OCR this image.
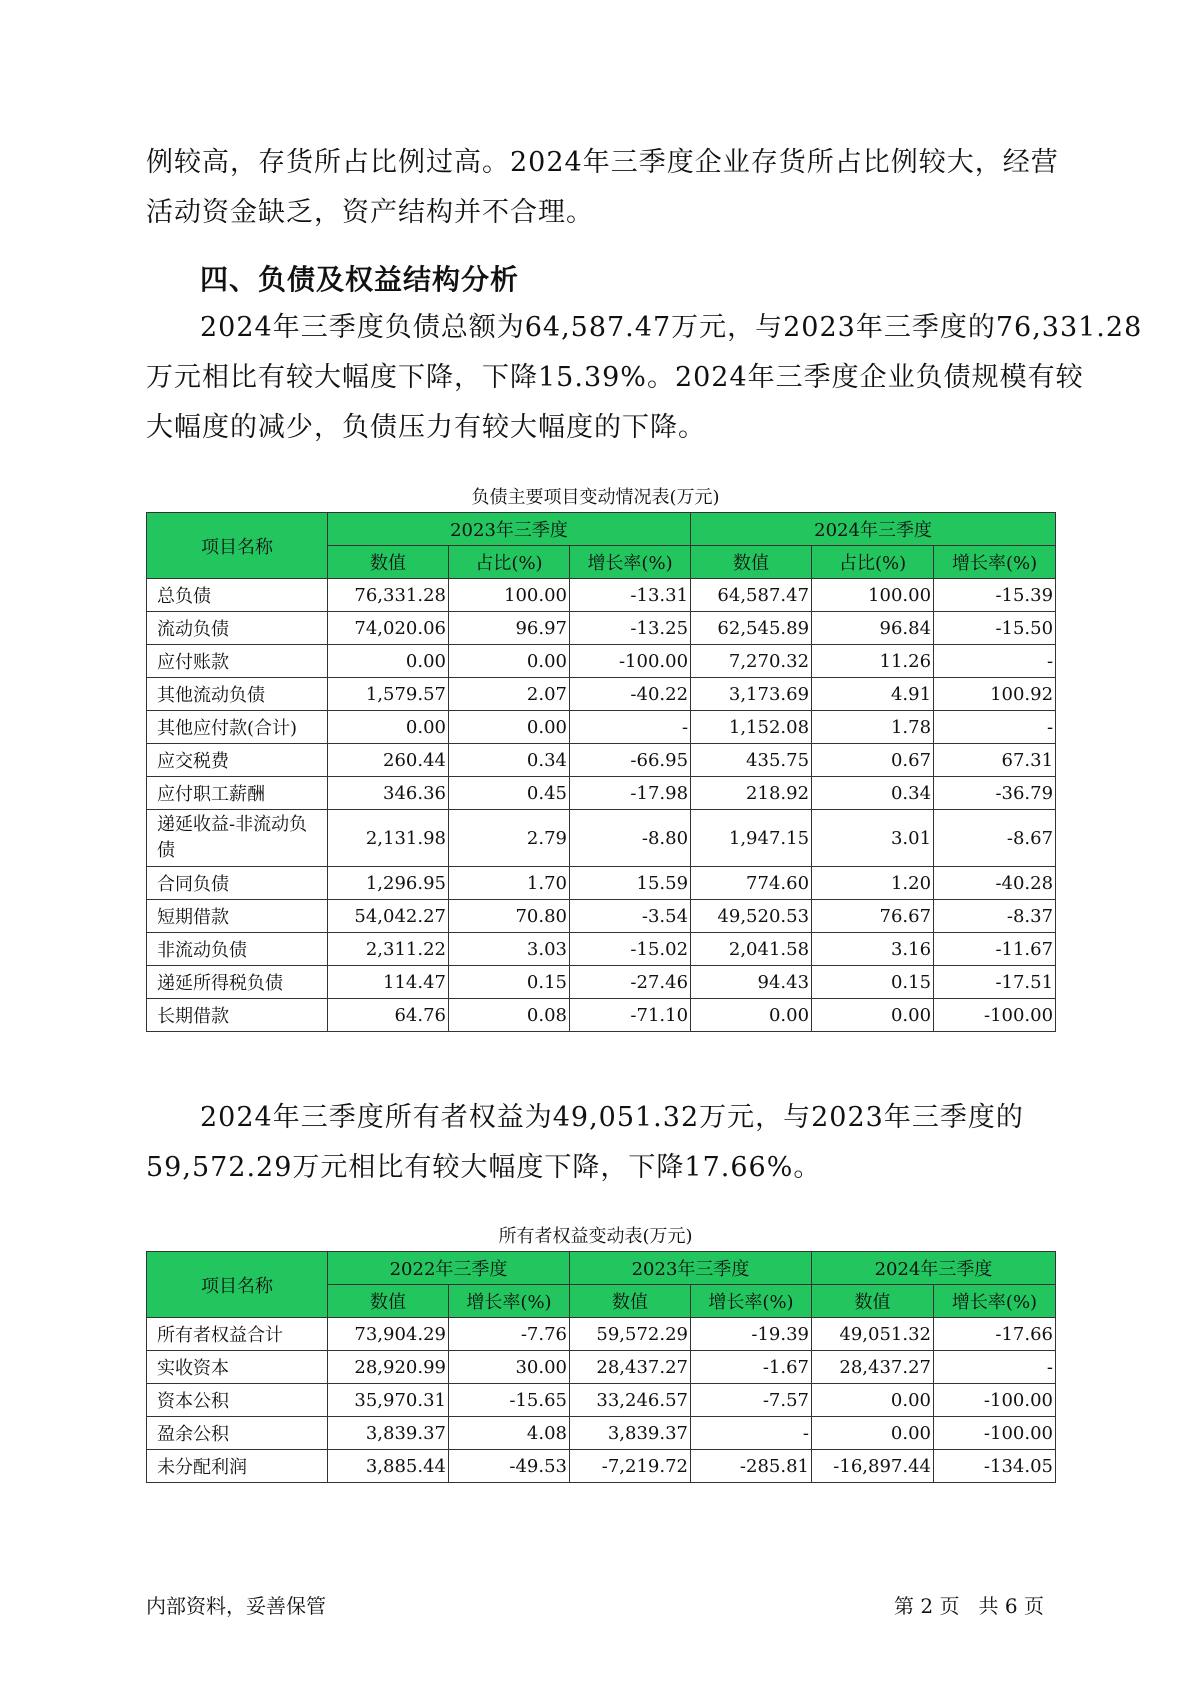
例较高，存货所占比例过高。2024年三季度企业存货所占比例较大，经营
活动资金缺乏，资产结构并不合理。
四、负债及权益结构分析
2024年三季度负债总额为64,587.47万元，与2023年三季度的76,331.28
万元相比有较大幅度下降，下降15.39%。2024年三季度企业负债规模有较
大幅度的减少，负债压力有较大幅度的下降。

负债主要项目变动情况表(万元)

项目名称	2023年三季度			2024年三季度		
	数值	占比(%)	增长率(%)	数值	占比(%)	增长率(%)
总负债	76,331.28	100.00	-13.31	64,587.47	100.00	-15.39
流动负债	74,020.06	96.97	-13.25	62,545.89	96.84	-15.50
应付账款	0.00	0.00	-100.00	7,270.32	11.26	-
其他流动负债	1,579.57	2.07	-40.22	3,173.69	4.91	100.92
其他应付款(合计)	0.00	0.00	-	1,152.08	1.78	-
应交税费	260.44	0.34	-66.95	435.75	0.67	67.31
应付职工薪酬	346.36	0.45	-17.98	218.92	0.34	-36.79
递延收益-非流动负债	2,131.98	2.79	-8.80	1,947.15	3.01	-8.67
合同负债	1,296.95	1.70	15.59	774.60	1.20	-40.28
短期借款	54,042.27	70.80	-3.54	49,520.53	76.67	-8.37
非流动负债	2,311.22	3.03	-15.02	2,041.58	3.16	-11.67
递延所得税负债	114.47	0.15	-27.46	94.43	0.15	-17.51
长期借款	64.76	0.08	-71.10	0.00	0.00	-100.00
2024年三季度所有者权益为49,051.32万元，与2023年三季度的
59,572.29万元相比有较大幅度下降，下降17.66%。

所有者权益变动表(万元)

项目名称	2022年三季度		2023年三季度		2024年三季度	
	数值	增长率(%)	数值	增长率(%)	数值	增长率(%)
所有者权益合计	73,904.29	-7.76	59,572.29	-19.39	49,051.32	-17.66
实收资本	28,920.99	30.00	28,437.27	-1.67	28,437.27	-
资本公积	35,970.31	-15.65	33,246.57	-7.57	0.00	-100.00
盈余公积	3,839.37	4.08	3,839.37	-	0.00	-100.00
未分配利润	3,885.44	-49.53	-7,219.72	-285.81	-16,897.44	-134.05

内部资料，妥善保管	第 2 页   共 6 页
